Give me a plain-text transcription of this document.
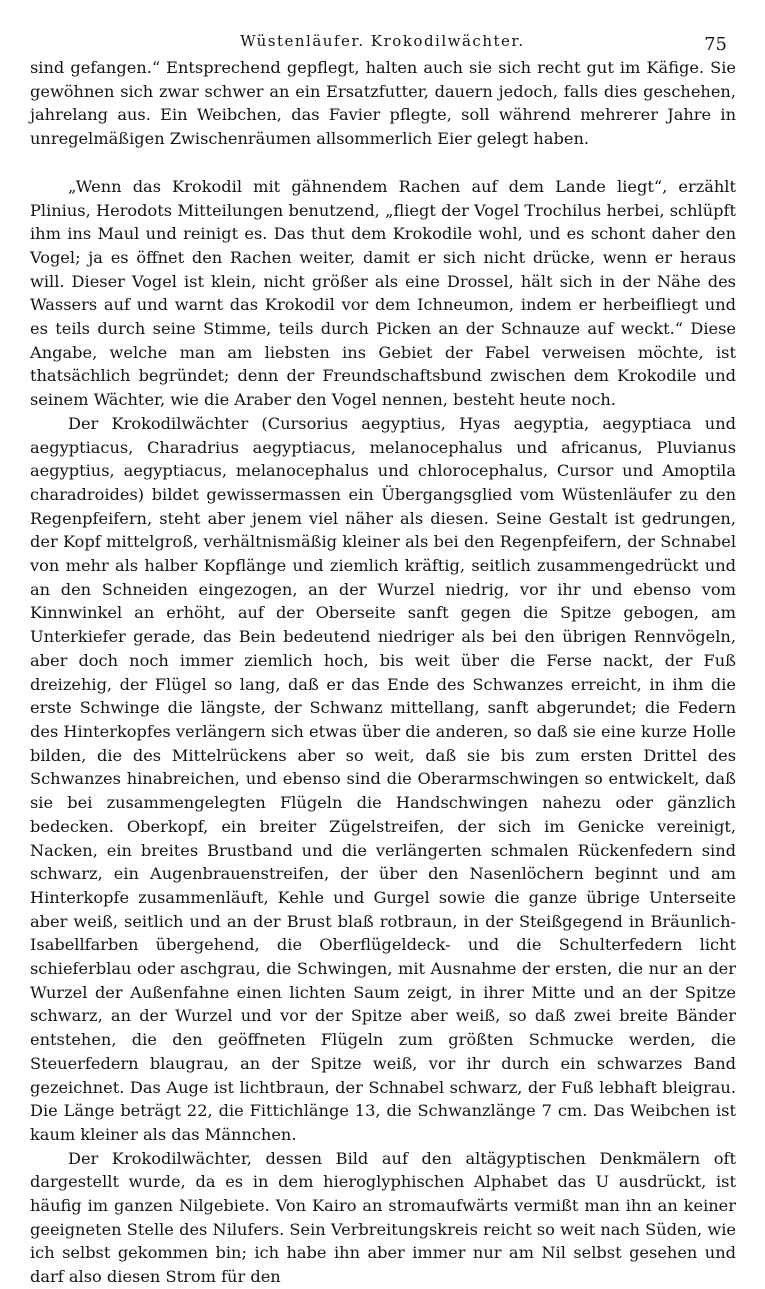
Wüstenläufer. Krokodilwächter.	75

sind gefangen.“ Entsprechend gepflegt, halten auch sie sich recht gut im Käfige. Sie gewöhnen sich zwar schwer an ein Ersatzfutter, dauern jedoch, falls dies geschehen, jahrelang aus. Ein Weibchen, das Favier pflegte, soll während mehrerer Jahre in unregelmäßigen Zwischenräumen allsommerlich Eier gelegt haben.

„Wenn das Krokodil mit gähnendem Rachen auf dem Lande liegt“, erzählt Plinius, Herodots Mitteilungen benutzend, „fliegt der Vogel Trochilus herbei, schlüpft ihm ins Maul und reinigt es. Das thut dem Krokodile wohl, und es schont daher den Vogel; ja es öffnet den Rachen weiter, damit er sich nicht drücke, wenn er heraus will. Dieser Vogel ist klein, nicht größer als eine Drossel, hält sich in der Nähe des Wassers auf und warnt das Krokodil vor dem Ichneumon, indem er herbeifliegt und es teils durch seine Stimme, teils durch Picken an der Schnauze auf weckt.“ Diese Angabe, welche man am liebsten ins Gebiet der Fabel verweisen möchte, ist thatsächlich begründet; denn der Freundschaftsbund zwischen dem Krokodile und seinem Wächter, wie die Araber den Vogel nennen, besteht heute noch.

Der Krokodilwächter (Cursorius aegyptius, Hyas aegyptia, aegyptiaca und aegyptiacus, Charadrius aegyptiacus, melanocephalus und africanus, Pluvianus aegyptius, aegyptiacus, melanocephalus und chlorocephalus, Cursor und Amoptila charadroides) bildet gewissermassen ein Übergangsglied vom Wüstenläufer zu den Regenpfeifern, steht aber jenem viel näher als diesen. Seine Gestalt ist gedrungen, der Kopf mittelgroß, verhältnismäßig kleiner als bei den Regenpfeifern, der Schnabel von mehr als halber Kopflänge und ziemlich kräftig, seitlich zusammengedrückt und an den Schneiden eingezogen, an der Wurzel niedrig, vor ihr und ebenso vom Kinnwinkel an erhöht, auf der Oberseite sanft gegen die Spitze gebogen, am Unterkiefer gerade, das Bein bedeutend niedriger als bei den übrigen Rennvögeln, aber doch noch immer ziemlich hoch, bis weit über die Ferse nackt, der Fuß dreizehig, der Flügel so lang, daß er das Ende des Schwanzes erreicht, in ihm die erste Schwinge die längste, der Schwanz mittellang, sanft abgerundet; die Federn des Hinterkopfes verlängern sich etwas über die anderen, so daß sie eine kurze Holle bilden, die des Mittelrückens aber so weit, daß sie bis zum ersten Drittel des Schwanzes hinabreichen, und ebenso sind die Oberarmschwingen so entwickelt, daß sie bei zusammengelegten Flügeln die Handschwingen nahezu oder gänzlich bedecken. Oberkopf, ein breiter Zügelstreifen, der sich im Genicke vereinigt, Nacken, ein breites Brustband und die verlängerten schmalen Rückenfedern sind schwarz, ein Augenbrauenstreifen, der über den Nasenlöchern beginnt und am Hinterkopfe zusammenläuft, Kehle und Gurgel sowie die ganze übrige Unterseite aber weiß, seitlich und an der Brust blaß rotbraun, in der Steißgegend in Bräunlich-Isabellfarben übergehend, die Oberflügeldeck- und die Schulterfedern licht schieferblau oder aschgrau, die Schwingen, mit Ausnahme der ersten, die nur an der Wurzel der Außenfahne einen lichten Saum zeigt, in ihrer Mitte und an der Spitze schwarz, an der Wurzel und vor der Spitze aber weiß, so daß zwei breite Bänder entstehen, die den geöffneten Flügeln zum größten Schmucke werden, die Steuerfedern blaugrau, an der Spitze weiß, vor ihr durch ein schwarzes Band gezeichnet. Das Auge ist lichtbraun, der Schnabel schwarz, der Fuß lebhaft bleigrau. Die Länge beträgt 22, die Fittichlänge 13, die Schwanzlänge 7 cm. Das Weibchen ist kaum kleiner als das Männchen.

Der Krokodilwächter, dessen Bild auf den altägyptischen Denkmälern oft dargestellt wurde, da es in dem hieroglyphischen Alphabet das U ausdrückt, ist häufig im ganzen Nilgebiete. Von Kairo an stromaufwärts vermißt man ihn an keiner geeigneten Stelle des Nilufers. Sein Verbreitungskreis reicht so weit nach Süden, wie ich selbst gekommen bin; ich habe ihn aber immer nur am Nil selbst gesehen und darf also diesen Strom für den
